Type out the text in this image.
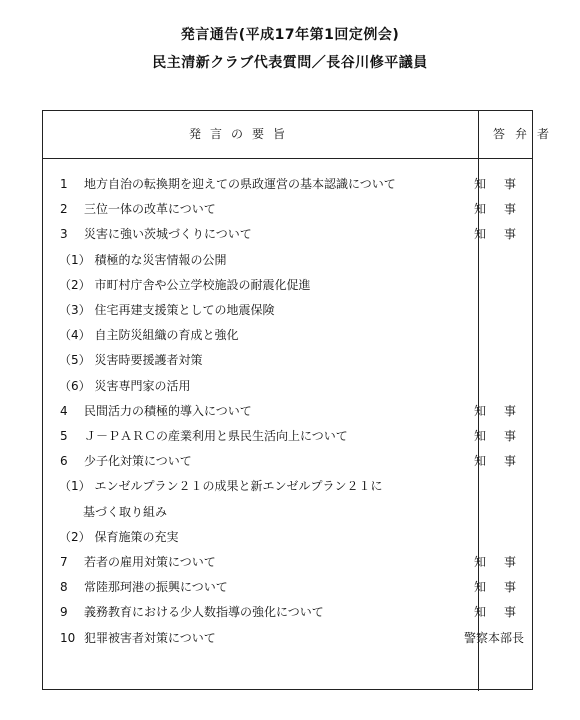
発言通告(平成17年第1回定例会)
民主清新クラブ代表質問／長谷川修平議員
発言の要旨	答弁者
1	地方自治の転換期を迎えての県政運営の基本認識について	知事
2	三位一体の改革について	知事
3	災害に強い茨城づくりについて	知事
（1） 積極的な災害情報の公開
（2） 市町村庁舎や公立学校施設の耐震化促進
（3） 住宅再建支援策としての地震保険
（4） 自主防災組織の育成と強化
（5） 災害時要援護者対策
（6） 災害専門家の活用
4	民間活力の積極的導入について	知事
5	Ｊ－ＰＡＲＣの産業利用と県民生活向上について	知事
6	少子化対策について	知事
（1） エンゼルプラン２１の成果と新エンゼルプラン２１に
　　基づく取り組み
（2） 保育施策の充実
7	若者の雇用対策について	知事
8	常陸那珂港の振興について	知事
9	義務教育における少人数指導の強化について	知事
10 犯罪被害者対策について	警察本部長
